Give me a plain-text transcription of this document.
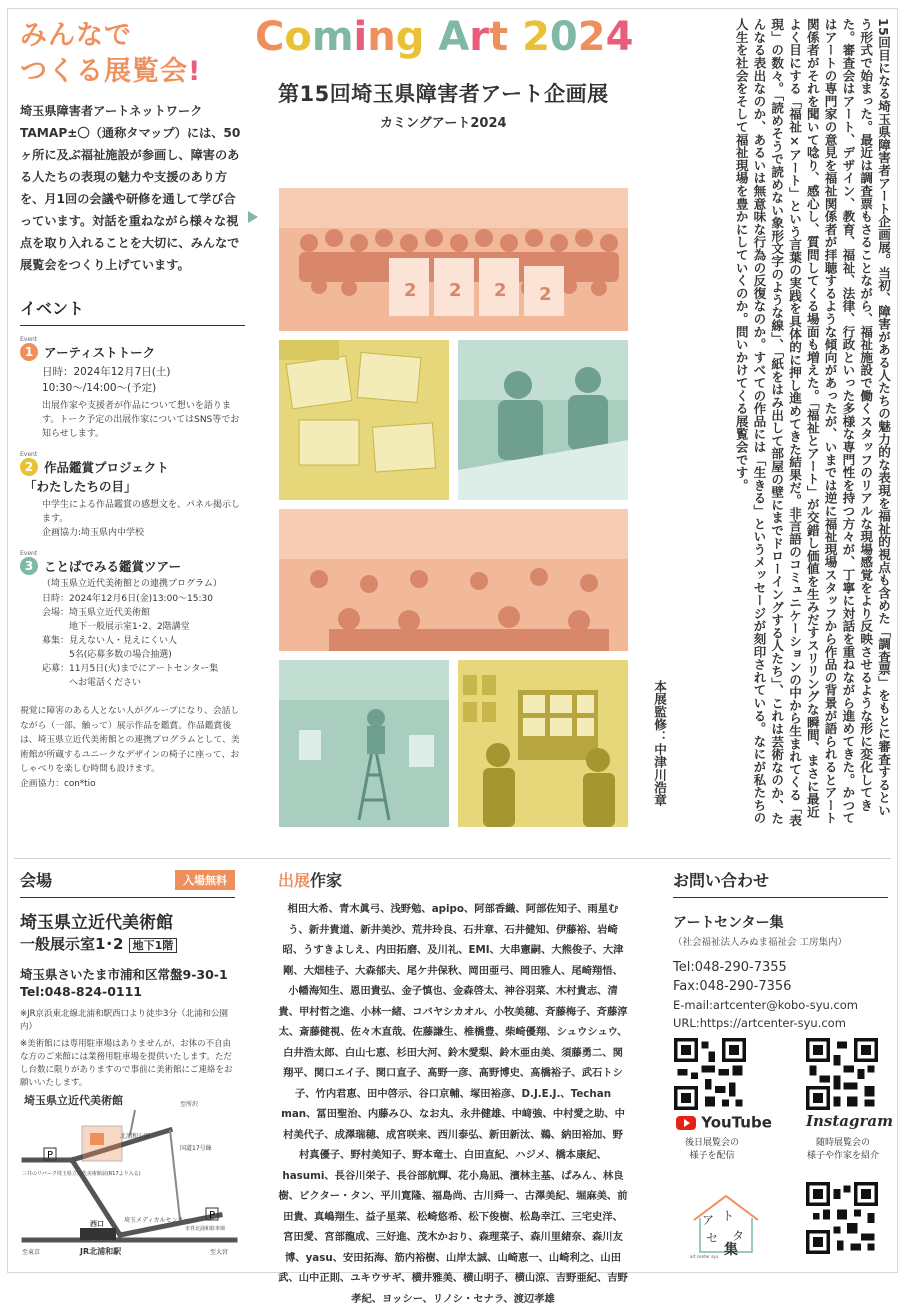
みんなで
つくる展覧会!

埼玉県障害者アートネットワークTAMAP±〇（通称タマップ）には、50ヶ所に及ぶ福祉施設が参画し、障害のある人たちの表現の魅力や支援のあり方を、月1回の会議や研修を通して学び合っています。対話を重ねながら様々な視点を取り入れることを大切に、みんなで展覧会をつくり上げています。

イベント
Event
1 アーティストトーク
日時：2024年12月7日(土)
10:30〜/14:00〜(予定)
出展作家や支援者が作品について想いを語ります。トーク予定の出展作家についてはSNS等でお知らせします。
Event
2 作品鑑賞プロジェクト
「わたしたちの目」
中学生による作品鑑賞の感想文を、パネル掲示します。
企画協力:埼玉県内中学校
Event
3 ことばでみる鑑賞ツアー
（埼玉県立近代美術館との連携プログラム）
日時：2024年12月6日(金)13:00〜15:30
会場：埼玉県立近代美術館
　　　地下一般展示室1･2、2階講堂
募集：見えない人・見えにくい人
　　　5名(応募多数の場合抽選)
応募：11月5日(火)までにアートセンター集
　　　へお電話ください

視覚に障害のある人とない人がグループになり、会話しながら（一部、触って）展示作品を鑑賞。作品鑑賞後は、埼玉県立近代美術館との連携プログラムとして、美術館が所蔵するユニークなデザインの椅子に座って、おしゃべりを楽しむ時間も設けます。
企画協力：con*tio

Coming Art 2024
第15回埼玉県障害者アート企画展
カミングアート2024
2 2 2 2	15回目になる埼玉県障害者アート企画展。当初、障害がある人たちの魅力的な表現を福祉的視点も含めた「調査票」をもとに審査するという形式で始まった。最近は調査票もさることながら、福祉施設で働くスタッフのリアルな現場感覚をより反映させるような形に変化してきた。審査会はアート、デザイン、教育、福祉、法律、行政といった多様な専門性を持つ方々が、丁寧に対話を重ねながら進めてきた。かつてはアートの専門家の意見を福祉関係者が拝聴するような傾向があったが、いまでは逆に福祉現場スタッフから作品の背景が語られるとアート関係者がそれを聞いて唸り、感心し、質問してくる場面も増えた。「福祉とアート」が交錯し価値を生みだすスリリングな瞬間、まさに最近よく目にする「福祉×アート」という言葉の実践を具体的に押し進めてきた結果だ。非言語のコミュニケーションの中から生まれてくる「表現」の数々。「読めそうで読めない象形文字のような線」、「紙をはみ出して部屋の壁にまでドローイングする人たち」、これは芸術なのか、たんなる表出なのか、あるいは無意味な行為の反復なのか。すべての作品には「生きる」というメッセージが刻印されている。なにが私たちの人生を社会をそして福祉現場を豊かにしていくのか。問いかけてくる展覧会です。
本展監修：中津川浩章
会場	入場無料
埼玉県立近代美術館
一般展示室1･2 地下1階
埼玉県さいたま市浦和区常盤9-30-1
Tel:048-824-0111
※JR京浜東北線北浦和駅西口より徒歩3分（北浦和公園内）
※美術館には専用駐車場はありませんが、お体の不自由な方のご来館には業務用駐車場を提供いたします。ただし台数に限りがありますので事前に美術館にご連絡をお願いいたします。
埼玉県立近代美術館
北浦和公園
至所沢
国道17号線
埼玉メディカルセンター
市営北浦和駐車場
三井のリパーク埼玉県立近代美術館前(R17より入る)
西口
JR北浦和駅
至東京	至大宮
P
P
出展作家
相田大希、青木眞弓、浅野勉、apipo、阿部香織、阿部佐知子、雨星むう、新井貴道、新井美沙、荒井玲良、石井章、石井健知、伊藤裕、岩崎昭、うすきよしえ、内田拓磨、及川礼、EMI、大串憲嗣、大熊俊子、大津剛、大畑桂子、大森郁夫、尾ケ井保秋、岡田亜弓、岡田雅人、尾崎翔悟、小幡海知生、恩田貴弘、金子慎也、金森啓太、神谷羽菜、木村貴志、清貴、甲村哲之進、小林一緒、コバヤシカオル、小牧美穂、斉藤梅子、斉藤淳太、斎藤健視、佐々木直哉、佐藤謙生、椎橋豊、柴崎優翔、シュウシュウ、白井浩太郎、白山七恵、杉田大河、鈴木愛梨、鈴木亜由美、須藤勇二、関翔平、関口エイ子、関口直子、髙野一彦、髙野博史、髙橋裕子、武石トシ子、竹内君恵、田中啓示、谷口京輔、塚田裕彦、D.J.E.J.、Techan man、冨田聖治、内藤みひ、なお丸、永井健雄、中﨑強、中村愛之助、中村美代子、成澤瑞穂、成宮咲来、西川泰弘、新田新汰、鵜、納田裕加、野村真優子、野村美知子、野本竜士、白田直紀、ハジメ、橋本康紀、hasumi、長谷川栄子、長谷部航輝、花小鳥凪、濱林主基、ぱみん、林良樹、ビクター・タン、平川寛隆、福島尚、古川舜一、古澤美紀、堀麻美、前田貴、真嶋翔生、益子星菜、松崎悠希、松下俊樹、松島幸江、三宅史洋、宮田愛、宮部龍成、三好進、茂木かおり、森理菜子、森川里緒奈、森川友博、yasu、安田拓海、筋内裕樹、山岸太誠、山崎恵一、山崎利之、山田武、山中正則、ユキウサギ、横井雅美、横山明子、横山涼、吉野亜紀、吉野孝紀、ヨッシー、リノシ・セナラ、渡辺孝雄
お問い合わせ
アートセンター集
（社会福祉法人みぬま福祉会 工房集内）
Tel:048-290-7355
Fax:048-290-7356
E-mail:artcenter@kobo-syu.com
URL:https://artcenter-syu.com
YouTube Instagram
後日展覧会の
様子を配信
随時展覧会の
様子や作家を紹介
ア ト
セ タ
集
art center syu
